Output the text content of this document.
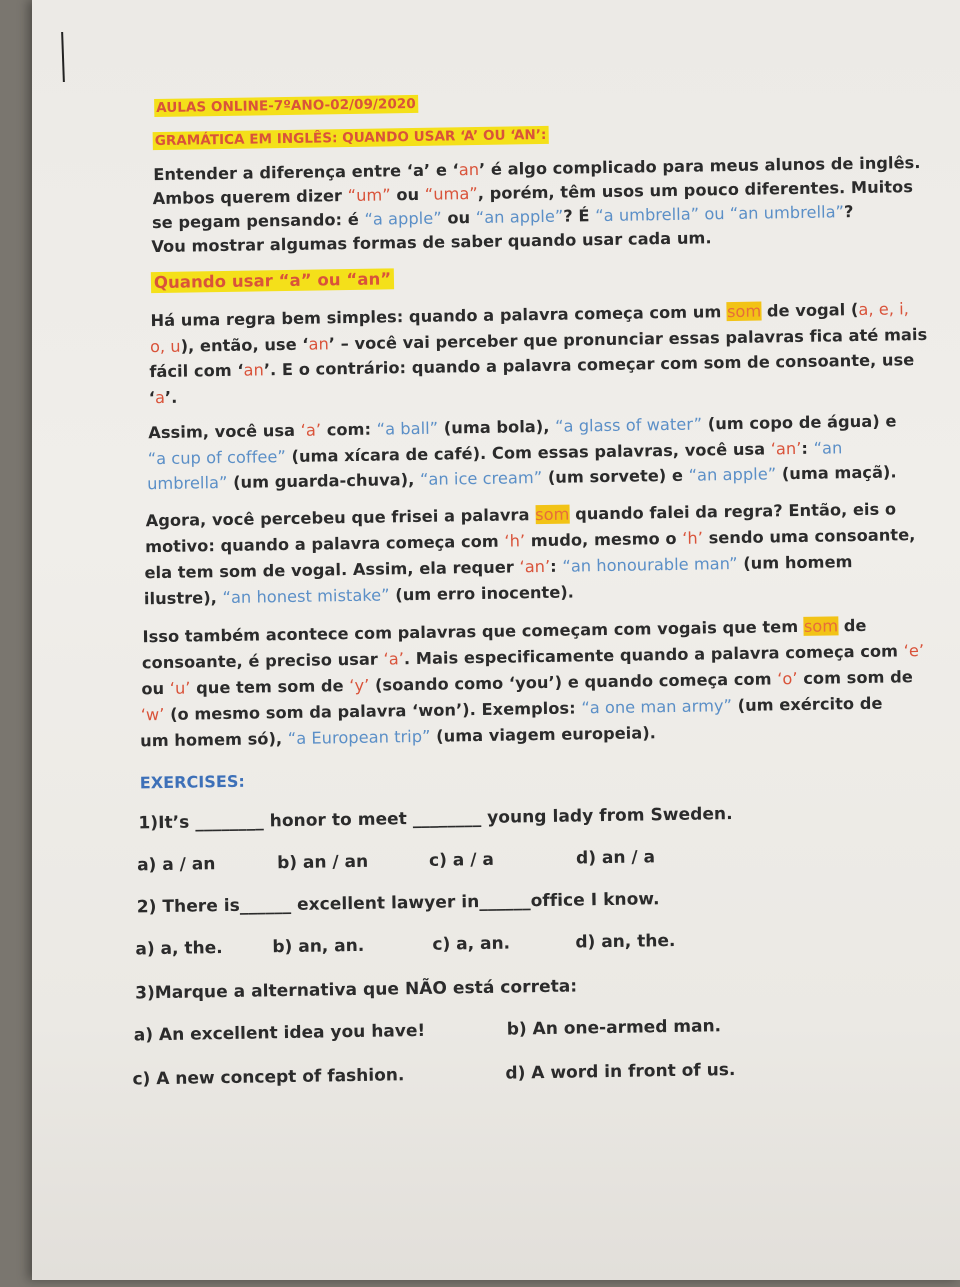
AULAS ONLINE-7ºANO-02/09/2020
GRAMÁTICA EM INGLÊS: QUANDO USAR ‘A’ OU ‘AN’:
Entender a diferença entre ‘a’ e ‘an’ é algo complicado para meus alunos de inglês.
Ambos querem dizer “um” ou “uma”, porém, têm usos um pouco diferentes. Muitos
se pegam pensando: é “a apple” ou “an apple”? É “a umbrella” ou “an umbrella”?
Vou mostrar algumas formas de saber quando usar cada um.
Quando usar “a” ou “an”
Há uma regra bem simples: quando a palavra começa com um som de vogal (a, e, i,
o, u), então, use ‘an’ – você vai perceber que pronunciar essas palavras fica até mais
fácil com ‘an’. E o contrário: quando a palavra começar com som de consoante, use
‘a’.
Assim, você usa ‘a’ com: “a ball” (uma bola), “a glass of water” (um copo de água) e
“a cup of coffee” (uma xícara de café). Com essas palavras, você usa ‘an’: “an
umbrella” (um guarda-chuva), “an ice cream” (um sorvete) e “an apple” (uma maçã).
Agora, você percebeu que frisei a palavra som quando falei da regra? Então, eis o
motivo: quando a palavra começa com ‘h’ mudo, mesmo o ‘h’ sendo uma consoante,
ela tem som de vogal. Assim, ela requer ‘an’: “an honourable man” (um homem
ilustre), “an honest mistake” (um erro inocente).
Isso também acontece com palavras que começam com vogais que tem som de
consoante, é preciso usar ‘a’. Mais especificamente quando a palavra começa com ‘e’
ou ‘u’ que tem som de ‘y’ (soando como ‘you’) e quando começa com ‘o’ com som de
‘w’ (o mesmo som da palavra ‘won’). Exemplos: “a one man army” (um exército de
um homem só), “a European trip” (uma viagem europeia).
EXERCISES:
1)It’s ________ honor to meet ________ young lady from Sweden.
a) a / an	b) an / an	c) a / a	d) an / a
2) There is______ excellent lawyer in______office I know.
a) a, the.	b) an, an.	c) a, an.	d) an, the.
3)Marque a alternativa que NÃO está correta:
a) An excellent idea you have!	b) An one-armed man.
c) A new concept of fashion.	d) A word in front of us.
